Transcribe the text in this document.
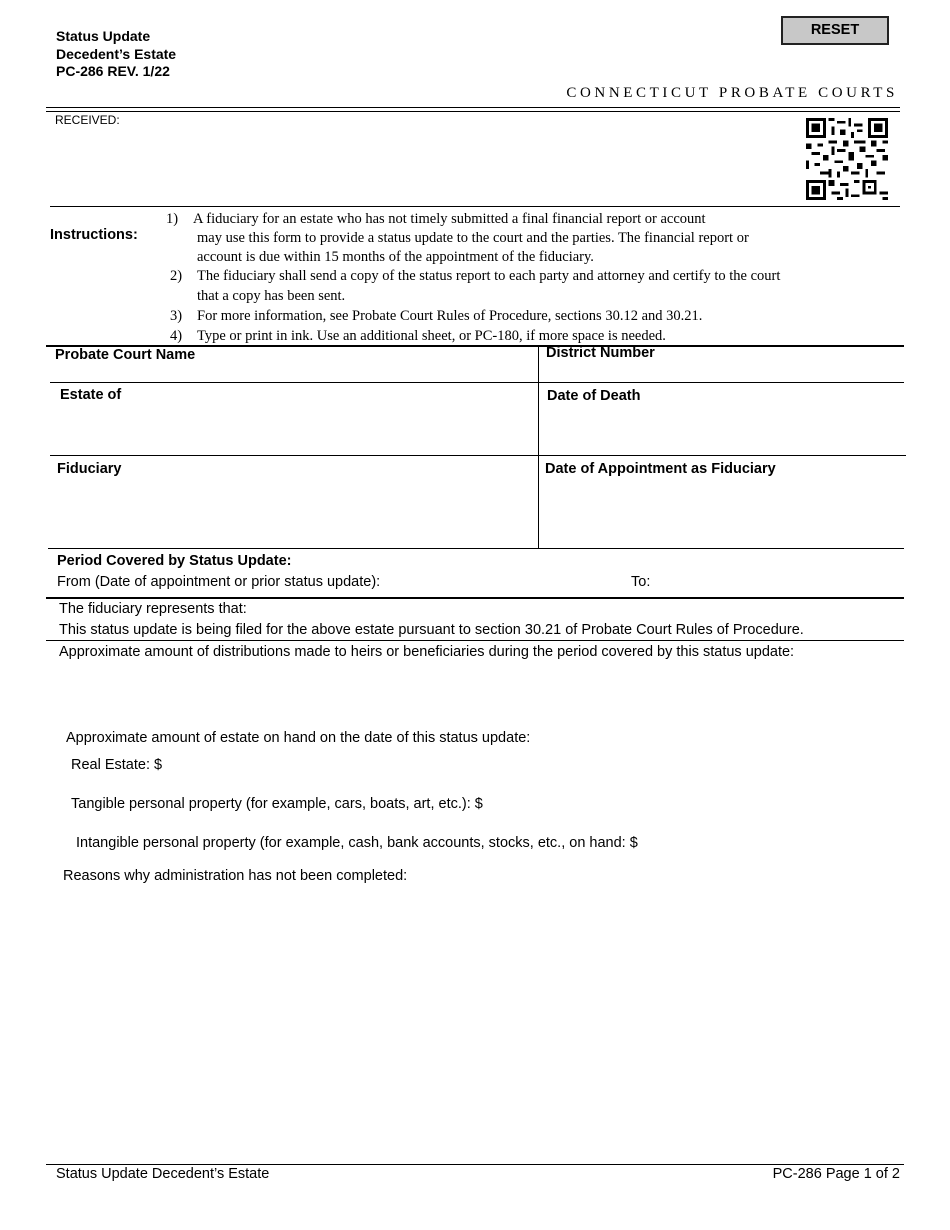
Status Update
Decedent’s Estate
PC-286 REV. 1/22
RESET
CONNECTICUT PROBATE COURTS
RECEIVED:
Instructions:
1) A fiduciary for an estate who has not timely submitted a final financial report or account
may use this form to provide a status update to the court and the parties. The financial report or
account is due within 15 months of the appointment of the fiduciary.
2) The fiduciary shall send a copy of the status report to each party and attorney and certify to the court
that a copy has been sent.
3) For more information, see Probate Court Rules of Procedure, sections 30.12 and 30.21.
4) Type or print in ink. Use an additional sheet, or PC-180, if more space is needed.
Probate Court Name	District Number
Estate of	Date of Death
Fiduciary	Date of Appointment as Fiduciary
Period Covered by Status Update:
From (Date of appointment or prior status update):	To:
The fiduciary represents that:
This status update is being filed for the above estate pursuant to section 30.21 of Probate Court Rules of Procedure.
Approximate amount of distributions made to heirs or beneficiaries during the period covered by this status update:
Approximate amount of estate on hand on the date of this status update:
Real Estate: $
Tangible personal property (for example, cars, boats, art, etc.): $
Intangible personal property (for example, cash, bank accounts, stocks, etc., on hand: $
Reasons why administration has not been completed:
Status Update Decedent’s Estate	PC-286 Page 1 of 2
